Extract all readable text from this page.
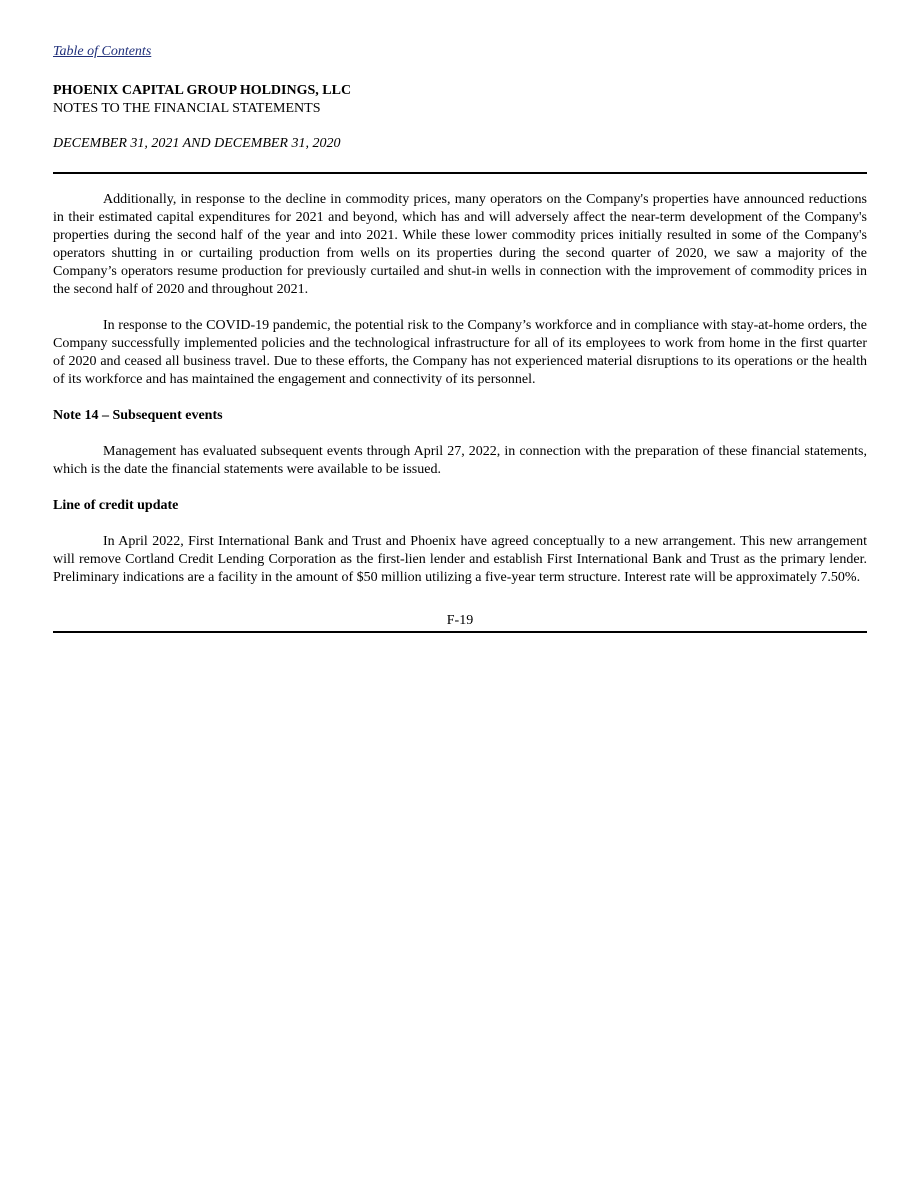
Table of Contents
PHOENIX CAPITAL GROUP HOLDINGS, LLC
NOTES TO THE FINANCIAL STATEMENTS
DECEMBER 31, 2021 AND DECEMBER 31, 2020

Additionally, in response to the decline in commodity prices, many operators on the Company's properties have announced reductions in their estimated capital expenditures for 2021 and beyond, which has and will adversely affect the near-term development of the Company's properties during the second half of the year and into 2021. While these lower commodity prices initially resulted in some of the Company's operators shutting in or curtailing production from wells on its properties during the second quarter of 2020, we saw a majority of the Company’s operators resume production for previously curtailed and shut-in wells in connection with the improvement of commodity prices in the second half of 2020 and throughout 2021.

In response to the COVID-19 pandemic, the potential risk to the Company’s workforce and in compliance with stay-at-home orders, the Company successfully implemented policies and the technological infrastructure for all of its employees to work from home in the first quarter of 2020 and ceased all business travel. Due to these efforts, the Company has not experienced material disruptions to its operations or the health of its workforce and has maintained the engagement and connectivity of its personnel.

Note 14 – Subsequent events

Management has evaluated subsequent events through April 27, 2022, in connection with the preparation of these financial statements, which is the date the financial statements were available to be issued.

Line of credit update

In April 2022, First International Bank and Trust and Phoenix have agreed conceptually to a new arrangement. This new arrangement will remove Cortland Credit Lending Corporation as the first-lien lender and establish First International Bank and Trust as the primary lender. Preliminary indications are a facility in the amount of $50 million utilizing a five-year term structure. Interest rate will be approximately 7.50%.

F-19
